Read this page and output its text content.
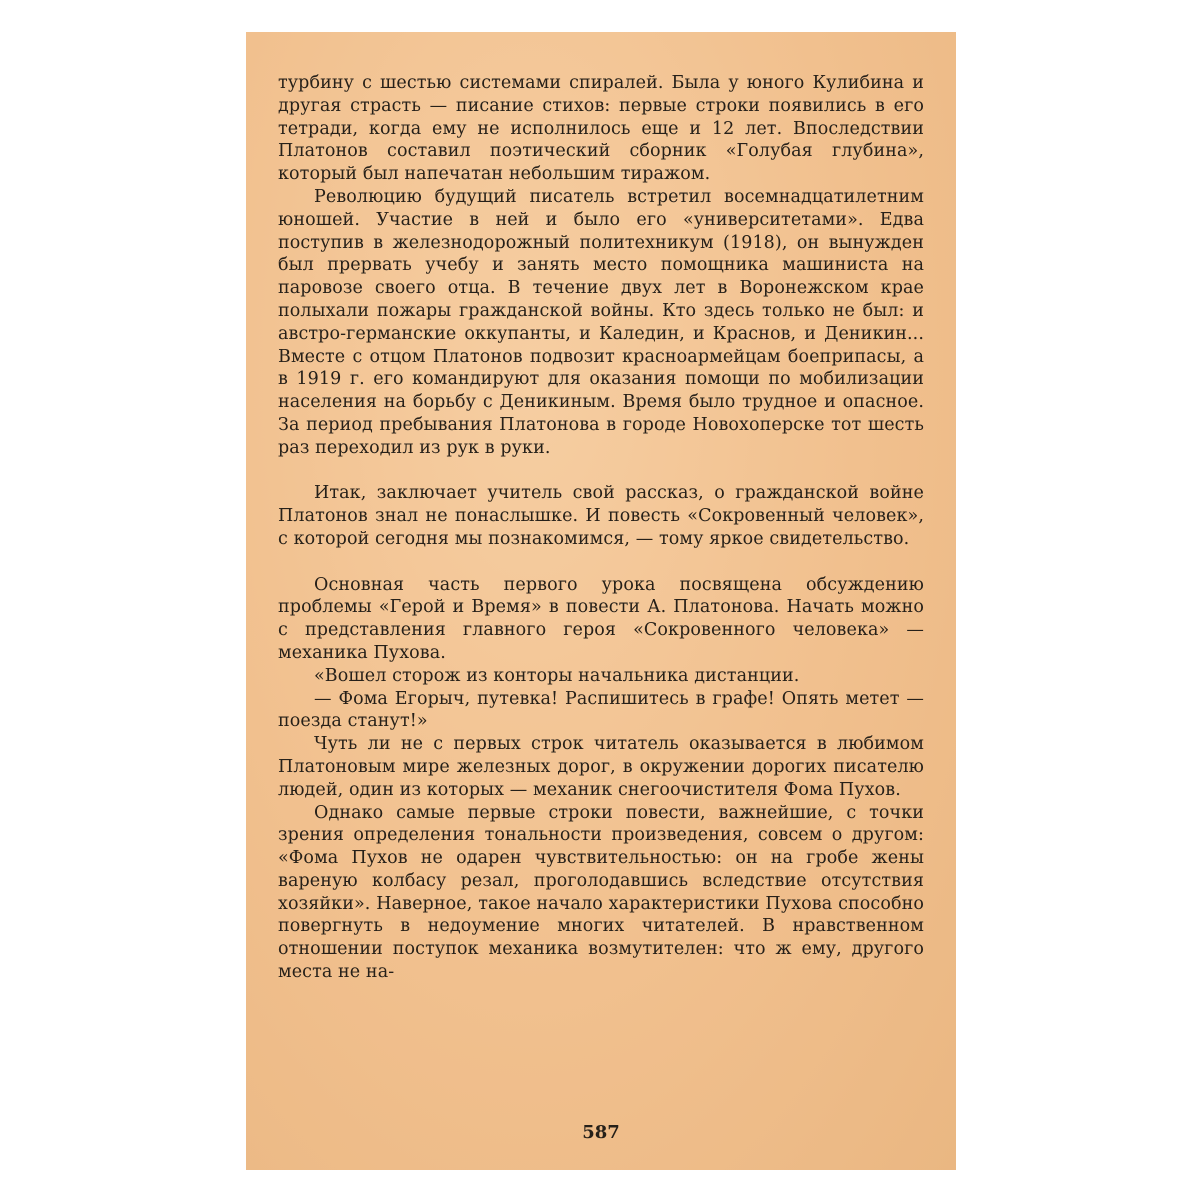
турбину с шестью системами спиралей. Была у юного Кулибина и другая страсть — писание стихов: первые строки появились в его тетради, когда ему не исполнилось еще и 12 лет. Впоследствии Платонов составил поэтический сборник «Голубая глубина», который был напечатан небольшим тиражом.

Революцию будущий писатель встретил восемнадцатилетним юношей. Участие в ней и было его «университетами». Едва поступив в железнодорожный политехникум (1918), он вынужден был прервать учебу и занять место помощника машиниста на паровозе своего отца. В течение двух лет в Воронежском крае полыхали пожары гражданской войны. Кто здесь только не был: и австро-германские оккупанты, и Каледин, и Краснов, и Деникин... Вместе с отцом Платонов подвозит красноармейцам боеприпасы, а в 1919 г. его командируют для оказания помощи по мобилизации населения на борьбу с Деникиным. Время было трудное и опасное. За период пребывания Платонова в городе Новохоперске тот шесть раз переходил из рук в руки.

Итак, заключает учитель свой рассказ, о гражданской войне Платонов знал не понаслышке. И повесть «Сокровенный человек», с которой сегодня мы познакомимся, — тому яркое свидетельство.

Основная часть первого урока посвящена обсуждению проблемы «Герой и Время» в повести А. Платонова. Начать можно с представления главного героя «Сокровенного человека» — механика Пухова.

«Вошел сторож из конторы начальника дистанции.

— Фома Егорыч, путевка! Распишитесь в графе! Опять метет — поезда станут!»

Чуть ли не с первых строк читатель оказывается в любимом Платоновым мире железных дорог, в окружении дорогих писателю людей, один из которых — механик снегоочистителя Фома Пухов.

Однако самые первые строки повести, важнейшие, с точки зрения определения тональности произведения, совсем о другом: «Фома Пухов не одарен чувствительностью: он на гробе жены вареную колбасу резал, проголодавшись вследствие отсутствия хозяйки». Наверное, такое начало характеристики Пухова способно повергнуть в недоумение многих читателей. В нравственном отношении поступок механика возмутителен: что ж ему, другого места не на-

587
